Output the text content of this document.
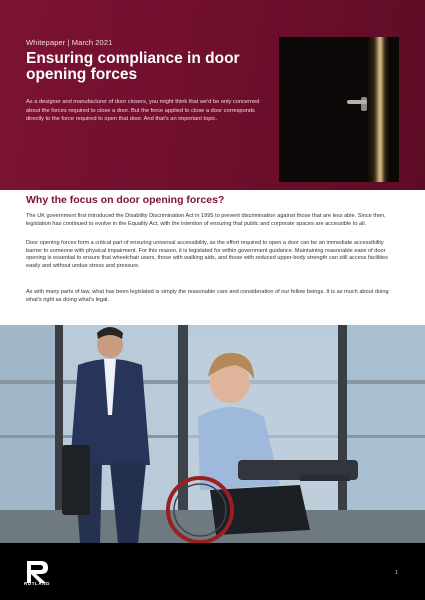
Whitepaper | March 2021
Ensuring compliance in door opening forces
As a designer and manufacturer of door closers, you might think that we'd be only concerned about the forces required to close a door. But the force applied to close a door corresponds directly to the force required to open that door. And that's an important topic.
Why the focus on door opening forces?

The UK government first introduced the Disability Discrimination Act in 1995 to prevent discrimination against those that are less able. Since then, legislation has continued to evolve in the Equality Act, with the intention of ensuring that public and corporate spaces are accessible to all.

Door opening forces form a critical part of ensuring universal accessibility, as the effort required to open a door can be an immediate accessibility barrier to someone with physical impairment. For this reason, it is legislated for within government guidance. Maintaining reasonable ease of door opening is essential to ensure that wheelchair users, those with walking aids, and those with reduced upper-body strength can still access facilities easily and without undue stress and pressure.

As with many parts of law, what has been legislated is simply the reasonable care and consideration of our fellow beings. It is as much about doing what's right as doing what's legal.

RUTLAND
1
